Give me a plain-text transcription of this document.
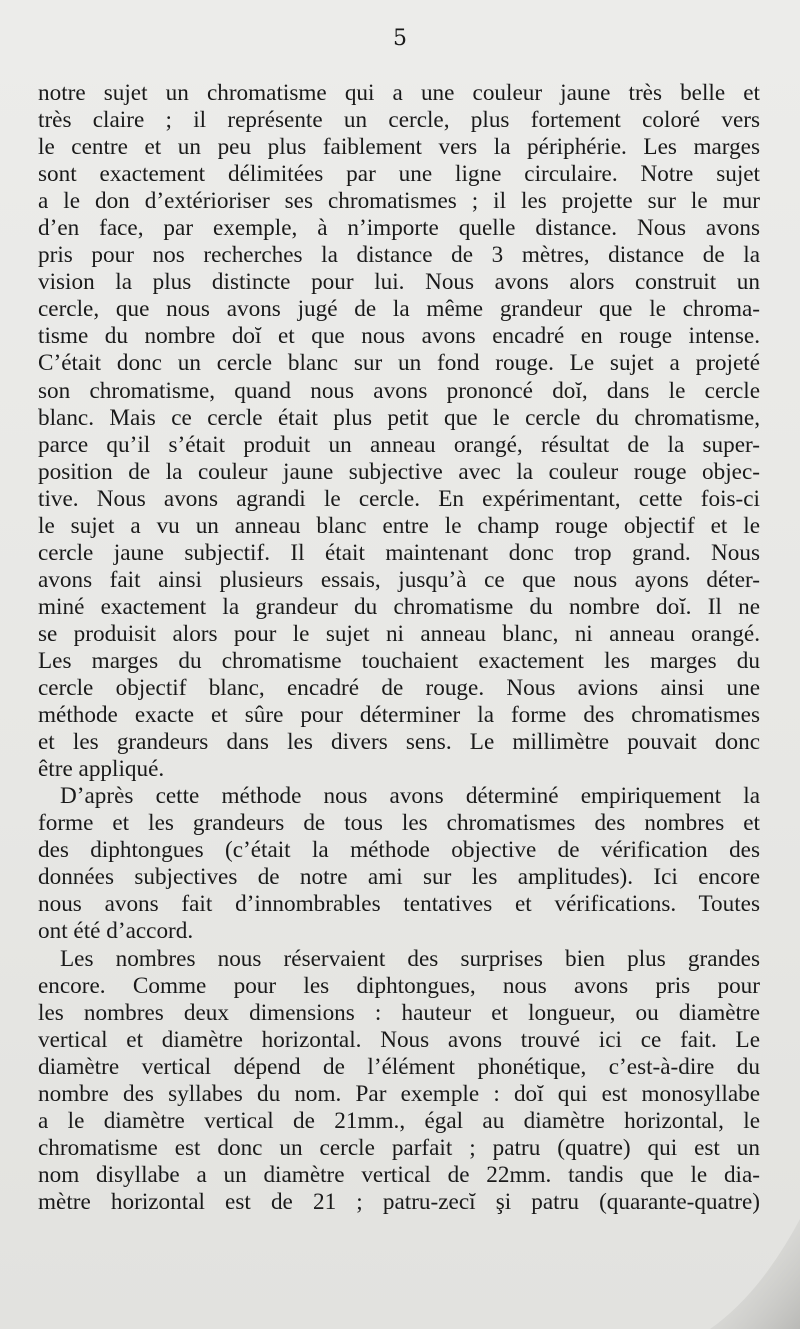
5
notre sujet un chromatisme qui a une couleur jaune très belle et
très claire ; il représente un cercle, plus fortement coloré vers
le centre et un peu plus faiblement vers la périphérie. Les marges
sont exactement délimitées par une ligne circulaire. Notre sujet
a le don d’extérioriser ses chromatismes ; il les projette sur le mur
d’en face, par exemple, à n’importe quelle distance. Nous avons
pris pour nos recherches la distance de 3 mètres, distance de la
vision la plus distincte pour lui. Nous avons alors construit un
cercle, que nous avons jugé de la même grandeur que le chroma-
tisme du nombre doĭ et que nous avons encadré en rouge intense.
C’était donc un cercle blanc sur un fond rouge. Le sujet a projeté
son chromatisme, quand nous avons prononcé doĭ, dans le cercle
blanc. Mais ce cercle était plus petit que le cercle du chromatisme,
parce qu’il s’était produit un anneau orangé, résultat de la super-
position de la couleur jaune subjective avec la couleur rouge objec-
tive. Nous avons agrandi le cercle. En expérimentant, cette fois-ci
le sujet a vu un anneau blanc entre le champ rouge objectif et le
cercle jaune subjectif. Il était maintenant donc trop grand. Nous
avons fait ainsi plusieurs essais, jusqu’à ce que nous ayons déter-
miné exactement la grandeur du chromatisme du nombre doĭ. Il ne
se produisit alors pour le sujet ni anneau blanc, ni anneau orangé.
Les marges du chromatisme touchaient exactement les marges du
cercle objectif blanc, encadré de rouge. Nous avions ainsi une
méthode exacte et sûre pour déterminer la forme des chromatismes
et les grandeurs dans les divers sens. Le millimètre pouvait donc
être appliqué.
D’après cette méthode nous avons déterminé empiriquement la
forme et les grandeurs de tous les chromatismes des nombres et
des diphtongues (c’était la méthode objective de vérification des
données subjectives de notre ami sur les amplitudes). Ici encore
nous avons fait d’innombrables tentatives et vérifications. Toutes
ont été d’accord.
Les nombres nous réservaient des surprises bien plus grandes
encore. Comme pour les diphtongues, nous avons pris pour
les nombres deux dimensions : hauteur et longueur, ou diamètre
vertical et diamètre horizontal. Nous avons trouvé ici ce fait. Le
diamètre vertical dépend de l’élément phonétique, c’est-à-dire du
nombre des syllabes du nom. Par exemple : doĭ qui est monosyllabe
a le diamètre vertical de 21mm., égal au diamètre horizontal, le
chromatisme est donc un cercle parfait ; patru (quatre) qui est un
nom disyllabe a un diamètre vertical de 22mm. tandis que le dia-
mètre horizontal est de 21 ; patru-zecĭ şi patru (quarante-quatre)
